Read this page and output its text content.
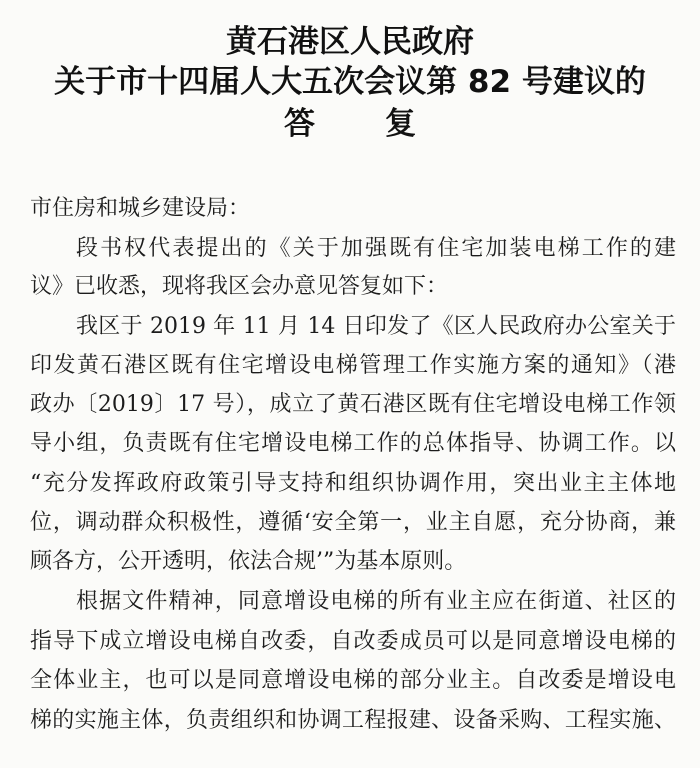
黄石港区人民政府
关于市十四届人大五次会议第 82 号建议的
答复
市住房和城乡建设局：
段书权代表提出的《关于加强既有住宅加装电梯工作的建
议》已收悉，现将我区会办意见答复如下：
我区于 2019 年 11 月 14 日印发了《区人民政府办公室关于
印发黄石港区既有住宅增设电梯管理工作实施方案的通知》（港
政办〔2019〕17 号），成立了黄石港区既有住宅增设电梯工作领
导小组，负责既有住宅增设电梯工作的总体指导、协调工作。以
“充分发挥政府政策引导支持和组织协调作用，突出业主主体地
位，调动群众积极性，遵循‘安全第一，业主自愿，充分协商，兼
顾各方，公开透明，依法合规’”为基本原则。
根据文件精神，同意增设电梯的所有业主应在街道、社区的
指导下成立增设电梯自改委，自改委成员可以是同意增设电梯的
全体业主，也可以是同意增设电梯的部分业主。自改委是增设电
梯的实施主体，负责组织和协调工程报建、设备采购、工程实施、
